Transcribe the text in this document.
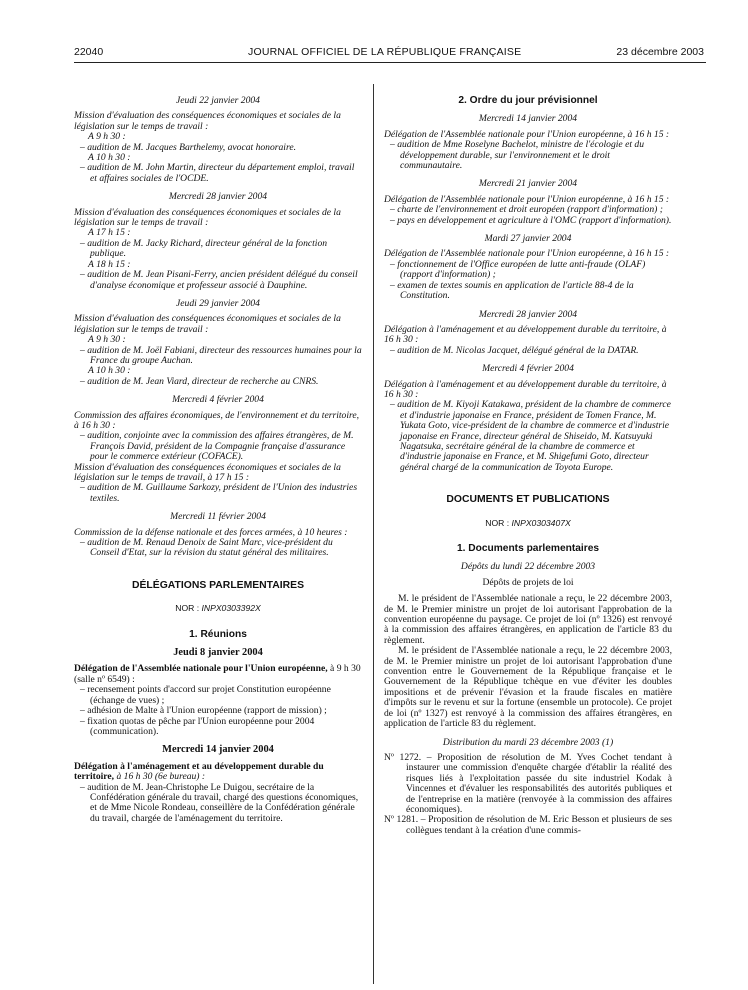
22040	JOURNAL OFFICIEL DE LA RÉPUBLIQUE FRANÇAISE	23 décembre 2003

Jeudi 22 janvier 2004

Mission d'évaluation des conséquences économiques et sociales de la législation sur le temps de travail :

A 9 h 30 :

– audition de M. Jacques Barthelemy, avocat honoraire.

A 10 h 30 :

– audition de M. John Martin, directeur du département emploi, travail et affaires sociales de l'OCDE.

Mercredi 28 janvier 2004

Mission d'évaluation des conséquences économiques et sociales de la législation sur le temps de travail :

A 17 h 15 :

– audition de M. Jacky Richard, directeur général de la fonction publique.

A 18 h 15 :

– audition de M. Jean Pisani-Ferry, ancien président délégué du conseil d'analyse économique et professeur associé à Dauphine.

Jeudi 29 janvier 2004

Mission d'évaluation des conséquences économiques et sociales de la législation sur le temps de travail :

A 9 h 30 :

– audition de M. Joël Fabiani, directeur des ressources humaines pour la France du groupe Auchan.

A 10 h 30 :

– audition de M. Jean Viard, directeur de recherche au CNRS.

Mercredi 4 février 2004

Commission des affaires économiques, de l'environnement et du territoire, à 16 h 30 :

– audition, conjointe avec la commission des affaires étrangères, de M. François David, président de la Compagnie française d'assurance pour le commerce extérieur (COFACE).

Mission d'évaluation des conséquences économiques et sociales de la législation sur le temps de travail, à 17 h 15 :

– audition de M. Guillaume Sarkozy, président de l'Union des industries textiles.

Mercredi 11 février 2004

Commission de la défense nationale et des forces armées, à 10 heures :

– audition de M. Renaud Denoix de Saint Marc, vice-président du Conseil d'Etat, sur la révision du statut général des militaires.

DÉLÉGATIONS PARLEMENTAIRES

NOR : INPX0303392X

1. Réunions

Jeudi 8 janvier 2004

Délégation de l'Assemblée nationale pour l'Union européenne, à 9 h 30 (salle nº 6549) :

– recensement points d'accord sur projet Constitution européenne (échange de vues) ;

– adhésion de Malte à l'Union européenne (rapport de mission) ;

– fixation quotas de pêche par l'Union européenne pour 2004 (communication).

Mercredi 14 janvier 2004

Délégation à l'aménagement et au développement durable du territoire, à 16 h 30 (6e bureau) :

– audition de M. Jean-Christophe Le Duigou, secrétaire de la Confédération générale du travail, chargé des questions économiques, et de Mme Nicole Rondeau, conseillère de la Confédération générale du travail, chargée de l'aménagement du territoire.

2. Ordre du jour prévisionnel

Mercredi 14 janvier 2004

Délégation de l'Assemblée nationale pour l'Union européenne, à 16 h 15 :

– audition de Mme Roselyne Bachelot, ministre de l'écologie et du développement durable, sur l'environnement et le droit communautaire.

Mercredi 21 janvier 2004

Délégation de l'Assemblée nationale pour l'Union européenne, à 16 h 15 :

– charte de l'environnement et droit européen (rapport d'information) ;

– pays en développement et agriculture à l'OMC (rapport d'information).

Mardi 27 janvier 2004

Délégation de l'Assemblée nationale pour l'Union européenne, à 16 h 15 :

– fonctionnement de l'Office européen de lutte anti-fraude (OLAF) (rapport d'information) ;

– examen de textes soumis en application de l'article 88-4 de la Constitution.

Mercredi 28 janvier 2004

Délégation à l'aménagement et au développement durable du territoire, à 16 h 30 :

– audition de M. Nicolas Jacquet, délégué général de la DATAR.

Mercredi 4 février 2004

Délégation à l'aménagement et au développement durable du territoire, à 16 h 30 :

– audition de M. Kiyoji Katakawa, président de la chambre de commerce et d'industrie japonaise en France, président de Tomen France, M. Yukata Goto, vice-président de la chambre de commerce et d'industrie japonaise en France, directeur général de Shiseido, M. Katsuyuki Nagatsuka, secrétaire général de la chambre de commerce et d'industrie japonaise en France, et M. Shigefumi Goto, directeur général chargé de la communication de Toyota Europe.

DOCUMENTS ET PUBLICATIONS

NOR : INPX0303407X

1. Documents parlementaires

Dépôts du lundi 22 décembre 2003

Dépôts de projets de loi

M. le président de l'Assemblée nationale a reçu, le 22 décembre 2003, de M. le Premier ministre un projet de loi autorisant l'approbation de la convention européenne du paysage. Ce projet de loi (nº 1326) est renvoyé à la commission des affaires étrangères, en application de l'article 83 du règlement.

M. le président de l'Assemblée nationale a reçu, le 22 décembre 2003, de M. le Premier ministre un projet de loi autorisant l'approbation d'une convention entre le Gouvernement de la République française et le Gouvernement de la République tchèque en vue d'éviter les doubles impositions et de prévenir l'évasion et la fraude fiscales en matière d'impôts sur le revenu et sur la fortune (ensemble un protocole). Ce projet de loi (nº 1327) est renvoyé à la commission des affaires étrangères, en application de l'article 83 du règlement.

Distribution du mardi 23 décembre 2003 (1)

Nº 1272. – Proposition de résolution de M. Yves Cochet tendant à instaurer une commission d'enquête chargée d'établir la réalité des risques liés à l'exploitation passée du site industriel Kodak à Vincennes et d'évaluer les responsabilités des autorités publiques et de l'entreprise en la matière (renvoyée à la commission des affaires économiques).

Nº 1281. – Proposition de résolution de M. Eric Besson et plusieurs de ses collègues tendant à la création d'une commis-
